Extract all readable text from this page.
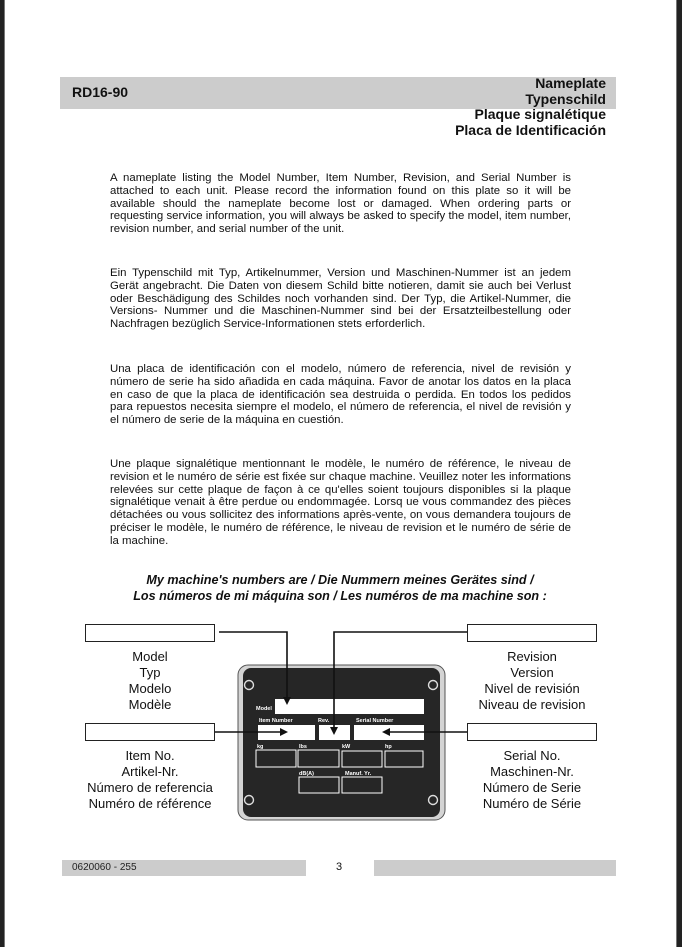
RD16-90
Nameplate
Typenschild
Plaque signalétique
Placa de Identificación
A nameplate listing the Model Number, Item Number, Revision, and Serial Number is attached to each unit. Please record the information found on this plate so it will be available should the nameplate become lost or damaged. When ordering parts or requesting service information, you will always be asked to specify the model, item number, revision number, and serial number of the unit.
Ein Typenschild mit Typ, Artikelnummer, Version und Maschinen-Nummer ist an jedem Gerät angebracht. Die Daten von diesem Schild bitte notieren, damit sie auch bei Verlust oder Beschädigung des Schildes noch vorhanden sind. Der Typ, die Artikel-Nummer, die Versions- Nummer und die Maschinen-Nummer sind bei der Ersatzteilbestellung oder Nachfragen bezüglich Service-Informationen stets erforderlich.
Una placa de identificación con el modelo, número de referencia, nivel de revisión y número de serie ha sido añadida en cada máquina. Favor de anotar los datos en la placa en caso de que la placa de identificación sea destruida o perdida. En todos los pedidos para repuestos necesita siempre el modelo, el número de referencia, el nivel de revisión y el número de serie de la máquina en cuestión.
Une plaque signalétique mentionnant le modèle, le numéro de référence, le niveau de revision et le numéro de série est fixée sur chaque machine. Veuillez noter les informations relevées sur cette plaque de façon à ce qu'elles soient toujours disponibles si la plaque signalétique venait à être perdue ou endommagée. Lorsq ue vous commandez des pièces détachées ou vous sollicitez des informations après-vente, on vous demandera toujours de préciser le modèle, le numéro de référence, le niveau de revision et le numéro de série de la machine.
My machine's numbers are / Die Nummern meines Gerätes sind /
Los números de mi máquina son / Les numéros de ma machine son :
Model
Typ
Modelo
Modèle
Revision
Version
Nivel de revisión
Niveau de revision
Item No.
Artikel-Nr.
Número de referencia
Numéro de référence
Serial No.
Maschinen-Nr.
Número de Serie
Numéro de Série
Model
Item Number	Rev.	Serial Number
kg	lbs	kW	hp
dB(A)	Manuf. Yr.
0620060 - 255	3
